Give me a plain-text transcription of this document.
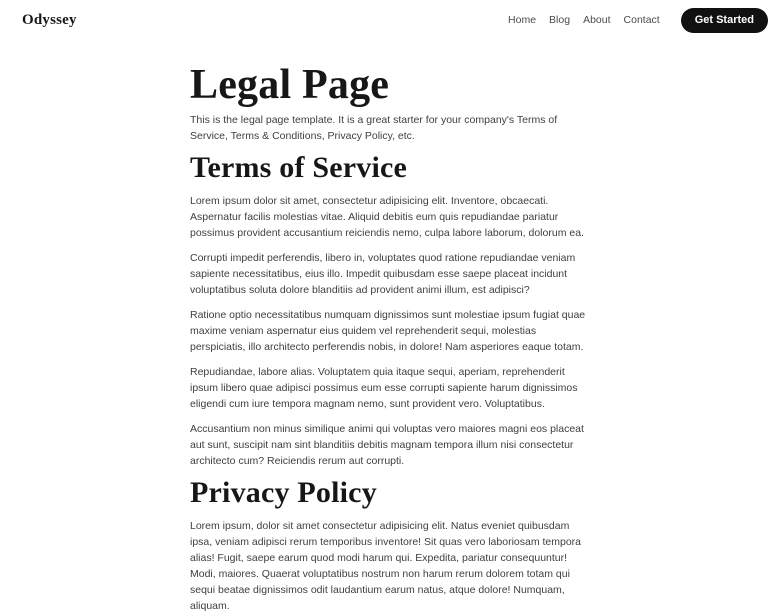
Odyssey	Home Blog About Contact	Get Started
Legal Page

This is the legal page template. It is a great starter for your company's Terms of Service, Terms & Conditions, Privacy Policy, etc.

Terms of Service

Lorem ipsum dolor sit amet, consectetur adipisicing elit. Inventore, obcaecati. Aspernatur facilis molestias vitae. Aliquid debitis eum quis repudiandae pariatur possimus provident accusantium reiciendis nemo, culpa labore laborum, dolorum ea.

Corrupti impedit perferendis, libero in, voluptates quod ratione repudiandae veniam sapiente necessitatibus, eius illo. Impedit quibusdam esse saepe placeat incidunt voluptatibus soluta dolore blanditiis ad provident animi illum, est adipisci?

Ratione optio necessitatibus numquam dignissimos sunt molestiae ipsum fugiat quae maxime veniam aspernatur eius quidem vel reprehenderit sequi, molestias perspiciatis, illo architecto perferendis nobis, in dolore! Nam asperiores eaque totam.

Repudiandae, labore alias. Voluptatem quia itaque sequi, aperiam, reprehenderit ipsum libero quae adipisci possimus eum esse corrupti sapiente harum dignissimos eligendi cum iure tempora magnam nemo, sunt provident vero. Voluptatibus.

Accusantium non minus similique animi qui voluptas vero maiores magni eos placeat aut sunt, suscipit nam sint blanditiis debitis magnam tempora illum nisi consectetur architecto cum? Reiciendis rerum aut corrupti.

Privacy Policy

Lorem ipsum, dolor sit amet consectetur adipisicing elit. Natus eveniet quibusdam ipsa, veniam adipisci rerum temporibus inventore! Sit quas vero laboriosam tempora alias! Fugit, saepe earum quod modi harum qui. Expedita, pariatur consequuntur! Modi, maiores. Quaerat voluptatibus nostrum non harum rerum dolorem totam qui sequi beatae dignissimos odit laudantium earum natus, atque dolore! Numquam, aliquam.
